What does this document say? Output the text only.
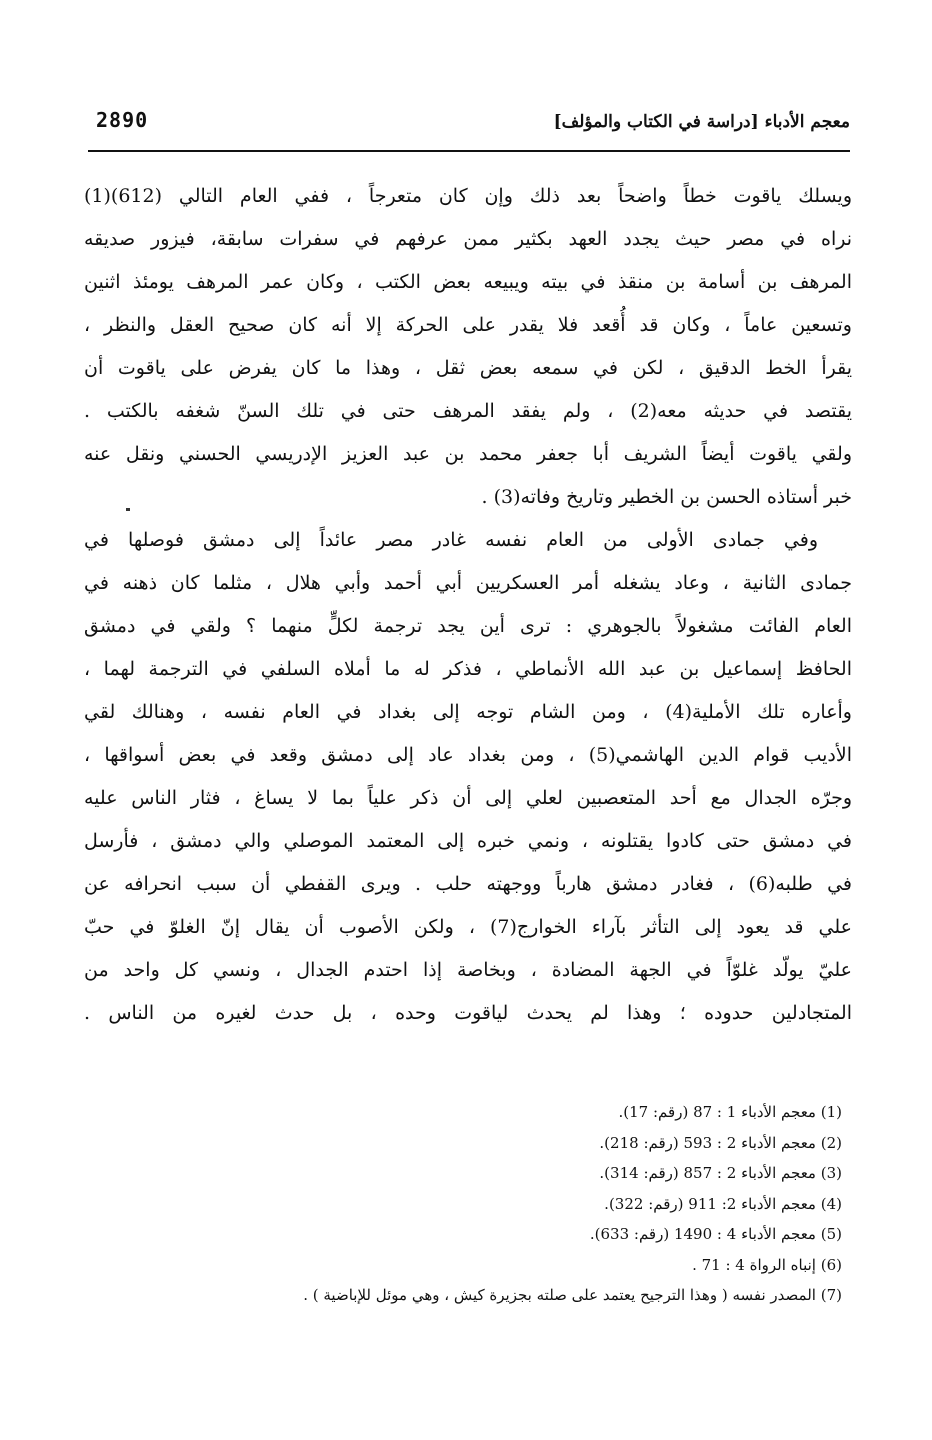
2890	معجم الأدباء [دراسة في الكتاب والمؤلف]
ويسلك ياقوت خطاً واضحاً بعد ذلك وإن كان متعرجاً ، ففي العام التالي (612)(1)
نراه في مصر حيث يجدد العهد بكثير ممن عرفهم في سفرات سابقة، فيزور صديقه
المرهف بن أسامة بن منقذ في بيته ويبيعه بعض الكتب ، وكان عمر المرهف يومئذ اثنين
وتسعين عاماً ، وكان قد أُقعد فلا يقدر على الحركة إلا أنه كان صحيح العقل والنظر ،
يقرأ الخط الدقيق ، لكن في سمعه بعض ثقل ، وهذا ما كان يفرض على ياقوت أن
يقتصد في حديثه معه(2) ، ولم يفقد المرهف حتى في تلك السنّ شغفه بالكتب .
ولقي ياقوت أيضاً الشريف أبا جعفر محمد بن عبد العزيز الإدريسي الحسني ونقل عنه
خبر أستاذه الحسن بن الخطير وتاريخ وفاته(3) .
وفي جمادى الأولى من العام نفسه غادر مصر عائداً إلى دمشق فوصلها في
جمادى الثانية ، وعاد يشغله أمر العسكريين أبي أحمد وأبي هلال ، مثلما كان ذهنه في
العام الفائت مشغولاً بالجوهري : ترى أين يجد ترجمة لكلٍّ منهما ؟ ولقي في دمشق
الحافظ إسماعيل بن عبد الله الأنماطي ، فذكر له ما أملاه السلفي في الترجمة لهما ،
وأعاره تلك الأملية(4) ، ومن الشام توجه إلى بغداد في العام نفسه ، وهنالك لقي
الأديب قوام الدين الهاشمي(5) ، ومن بغداد عاد إلى دمشق وقعد في بعض أسواقها ،
وجرّه الجدال مع أحد المتعصبين لعلي إلى أن ذكر علياً بما لا يساغ ، فثار الناس عليه
في دمشق حتى كادوا يقتلونه ، ونمي خبره إلى المعتمد الموصلي والي دمشق ، فأرسل
في طلبه(6) ، فغادر دمشق هارباً ووجهته حلب . ويرى القفطي أن سبب انحرافه عن
علي قد يعود إلى التأثر بآراء الخوارج(7) ، ولكن الأصوب أن يقال إنّ الغلوّ في حبّ
عليّ يولّد غلوّاً في الجهة المضادة ، وبخاصة إذا احتدم الجدال ، ونسي كل واحد من
المتجادلين حدوده ؛ وهذا لم يحدث لياقوت وحده ، بل حدث لغيره من الناس .
(1) معجم الأدباء 1 : 87 (رقم: 17).
(2) معجم الأدباء 2 : 593 (رقم: 218).
(3) معجم الأدباء 2 : 857 (رقم: 314).
(4) معجم الأدباء 2: 911 (رقم: 322).
(5) معجم الأدباء 4 : 1490 (رقم: 633).
(6) إنباه الرواة 4 : 71 .
(7) المصدر نفسه ( وهذا الترجيح يعتمد على صلته بجزيرة كيش ، وهي موئل للإباضية ) .
